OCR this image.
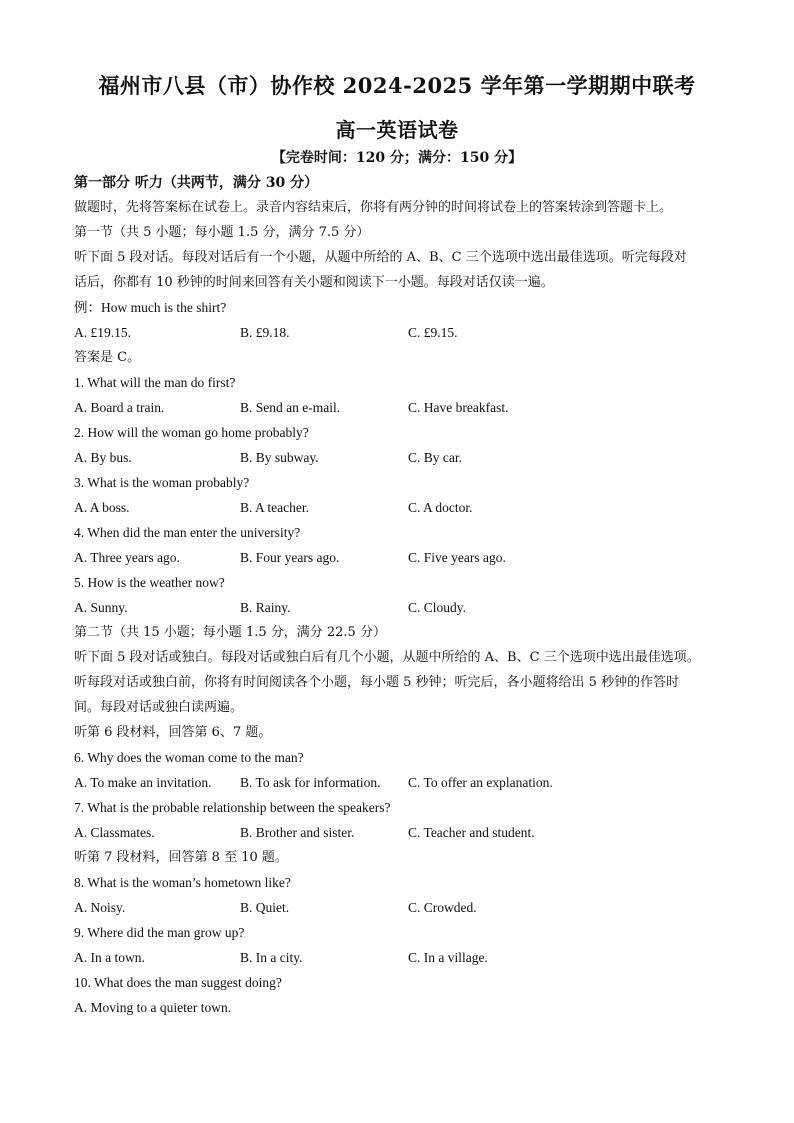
福州市八县（市）协作校 2024-2025 学年第一学期期中联考
高一英语试卷
【完卷时间：120 分；满分：150 分】
第一部分 听力（共两节，满分 30 分）
做题时，先将答案标在试卷上。录音内容结束后，你将有两分钟的时间将试卷上的答案转涂到答题卡上。
第一节（共 5 小题；每小题 1.5 分，满分 7.5 分）
听下面 5 段对话。每段对话后有一个小题，从题中所给的 A、B、C 三个选项中选出最佳选项。听完每段对
话后，你都有 10 秒钟的时间来回答有关小题和阅读下一小题。每段对话仅读一遍。
例：How much is the shirt?
A. £19.15.	B. £9.18.	C. £9.15.
答案是 C。
1. What will the man do first?
A. Board a train.	B. Send an e-mail.	C. Have breakfast.
2. How will the woman go home probably?
A. By bus.	B. By subway.	C. By car.
3. What is the woman probably?
A. A boss.	B. A teacher.	C. A doctor.
4. When did the man enter the university?
A. Three years ago.	B. Four years ago.	C. Five years ago.
5. How is the weather now?
A. Sunny.	B. Rainy.	C. Cloudy.
第二节（共 15 小题；每小题 1.5 分，满分 22.5 分）
听下面 5 段对话或独白。每段对话或独白后有几个小题，从题中所给的 A、B、C 三个选项中选出最佳选项。
听每段对话或独白前，你将有时间阅读各个小题，每小题 5 秒钟；听完后，各小题将给出 5 秒钟的作答时
间。每段对话或独白读两遍。
听第 6 段材料，回答第 6、7 题。
6. Why does the woman come to the man?
A. To make an invitation. B. To ask for information. C. To offer an explanation.
7. What is the probable relationship between the speakers?
A. Classmates.	B. Brother and sister.	C. Teacher and student.
听第 7 段材料，回答第 8 至 10 题。
8. What is the woman’s hometown like?
A. Noisy.	B. Quiet.	C. Crowded.
9. Where did the man grow up?
A. In a town.	B. In a city.	C. In a village.
10. What does the man suggest doing?
A. Moving to a quieter town.
